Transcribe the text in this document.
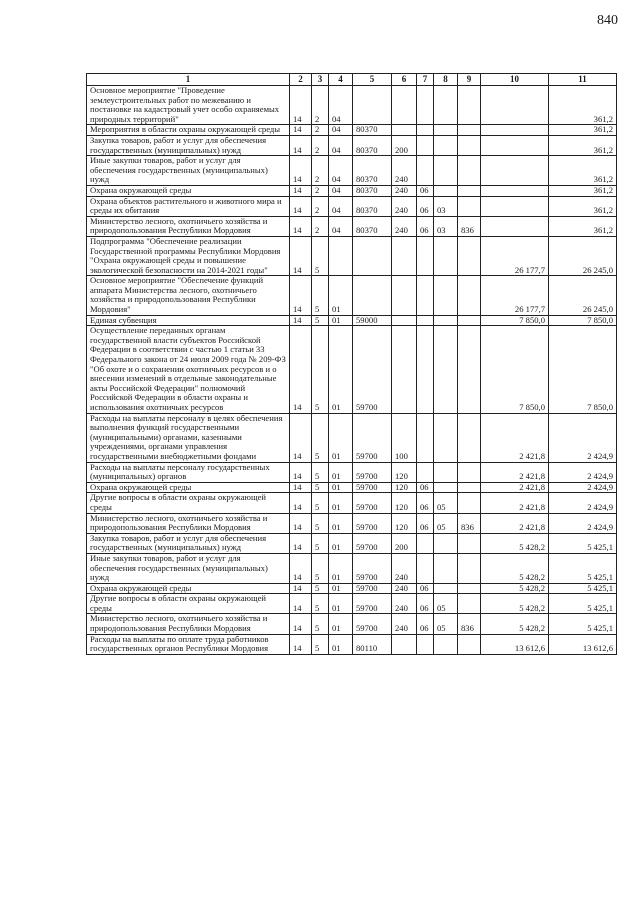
840
1	2	3	4	5	6	7	8	9	10	11
Основное мероприятие "Проведение землеустроительных работ по межеванию и постановке на кадастровый учет особо охраняемых природных территорий"	14	2	04							361,2
Мероприятия в области охраны окружающей среды	14	2	04	80370						361,2
Закупка товаров, работ и услуг для обеспечения государственных (муниципальных) нужд	14	2	04	80370	200					361,2
Иные закупки товаров, работ и услуг для обеспечения государственных (муниципальных) нужд	14	2	04	80370	240					361,2
Охрана окружающей среды	14	2	04	80370	240	06				361,2
Охрана объектов растительного и животного мира и среды их обитания	14	2	04	80370	240	06	03			361,2
Министерство лесного, охотничьего хозяйства и природопользования Республики Мордовия	14	2	04	80370	240	06	03	836		361,2
Подпрограмма "Обеспечение реализации Государственной программы Республики Мордовия "Охрана окружающей среды и повышение экологической безопасности на 2014-2021 годы"	14	5							26 177,7	26 245,0
Основное мероприятие "Обеспечение функций аппарата Министерства лесного, охотничьего хозяйства и природопользования Республики Мордовия"	14	5	01						26 177,7	26 245,0
Единая субвенция	14	5	01	59000					7 850,0	7 850,0
Осуществление переданных органам государственной власти субъектов Российской Федерации в соответствии с частью 1 статьи 33 Федерального закона от 24 июля 2009 года № 209-ФЗ "Об охоте и о сохранении охотничьих ресурсов и о внесении изменений в отдельные законодательные акты Российской Федерации" полномочий Российской Федерации в области охраны и использования охотничьих ресурсов	14	5	01	59700					7 850,0	7 850,0
Расходы на выплаты персоналу в целях обеспечения выполнения функций государственными (муниципальными) органами, казенными учреждениями, органами управления государственными внебюджетными фондами	14	5	01	59700	100				2 421,8	2 424,9
Расходы на выплаты персоналу государственных (муниципальных) органов	14	5	01	59700	120				2 421,8	2 424,9
Охрана окружающей среды	14	5	01	59700	120	06			2 421,8	2 424,9
Другие вопросы в области охраны окружающей среды	14	5	01	59700	120	06	05		2 421,8	2 424,9
Министерство лесного, охотничьего хозяйства и природопользования Республики Мордовия	14	5	01	59700	120	06	05	836	2 421,8	2 424,9
Закупка товаров, работ и услуг для обеспечения государственных (муниципальных) нужд	14	5	01	59700	200				5 428,2	5 425,1
Иные закупки товаров, работ и услуг для обеспечения государственных (муниципальных) нужд	14	5	01	59700	240				5 428,2	5 425,1
Охрана окружающей среды	14	5	01	59700	240	06			5 428,2	5 425,1
Другие вопросы в области охраны окружающей среды	14	5	01	59700	240	06	05		5 428,2	5 425,1
Министерство лесного, охотничьего хозяйства и природопользования Республики Мордовия	14	5	01	59700	240	06	05	836	5 428,2	5 425,1
Расходы на выплаты по оплате труда работников государственных органов Республики Мордовия	14	5	01	80110					13 612,6	13 612,6
